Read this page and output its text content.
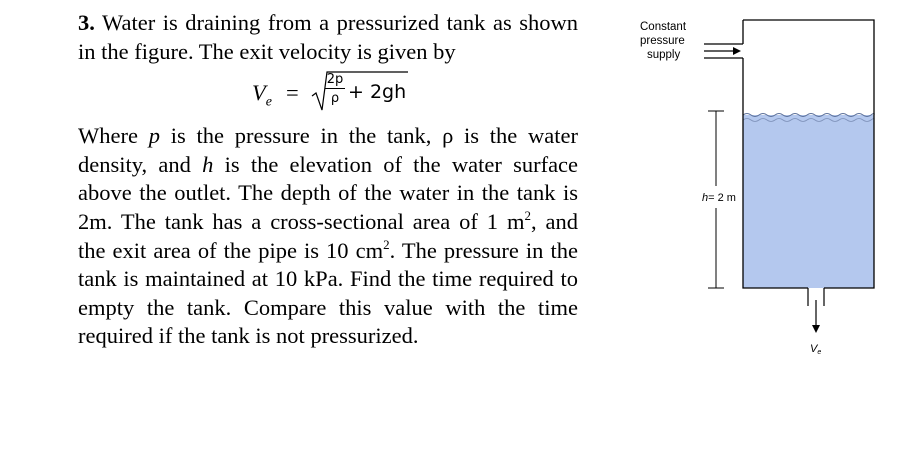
3. Water is draining from a pressurized tank as shown in the figure. The exit velocity is given by

$V_e = \frac{2p}{\rho} + 2gh$

Where p is the pressure in the tank, ρ is the water density, and h is the elevation of the water surface above the outlet. The depth of the water in the tank is 2m. The tank has a cross-sectional area of 1 $m^2$, and the exit area of the pipe is 10 $cm^2$. The pressure in the tank is maintained at 10 kPa. Find the time required to empty the tank. Compare this value with the time required if the tank is not pressurized.

Constant
pressure
supply
Ve
h= 2 m
